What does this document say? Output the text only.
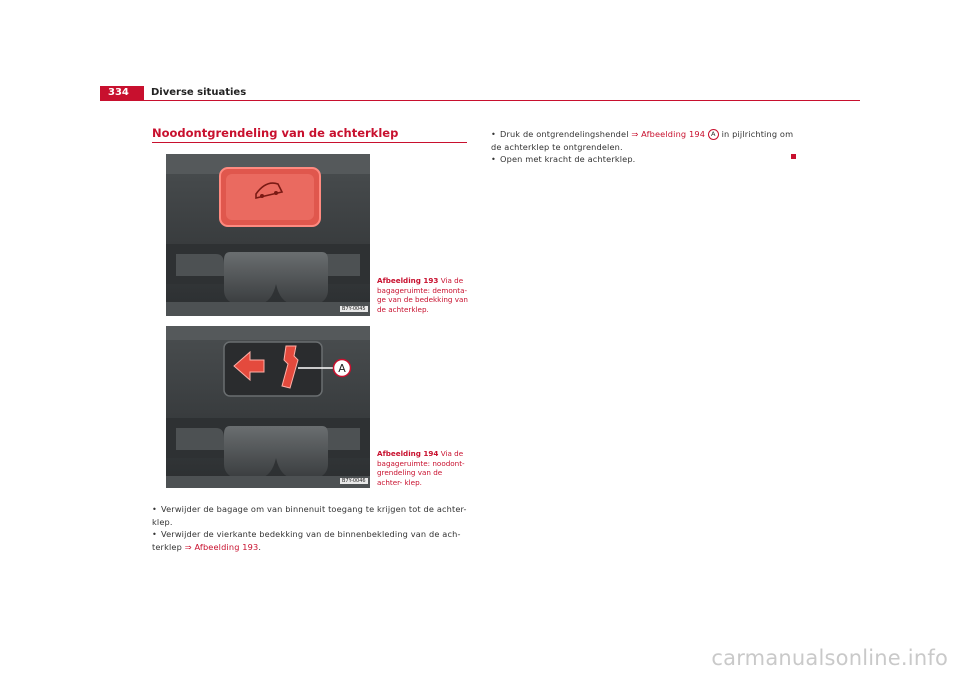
334	Diverse situaties
Noodontgrendeling van de achterklep
B7Y-0045
Afbeelding 193 Via de bagageruimte: demonta- ge van de bedekking van de achterklep.
A
B7Y-0046
Afbeelding 194 Via de bagageruimte: noodont- grendeling van de achter- klep.
• Verwijder de bagage om van binnenuit toegang te krijgen tot de achter- klep.
• Verwijder de vierkante bedekking van de binnenbekleding van de ach- terklep ⇒ Afbeelding 193.
• Druk de ontgrendelingshendel ⇒ Afbeelding 194 A in pijlrichting om de achterklep te ontgrendelen.
• Open met kracht de achterklep.
carmanualsonline.info
